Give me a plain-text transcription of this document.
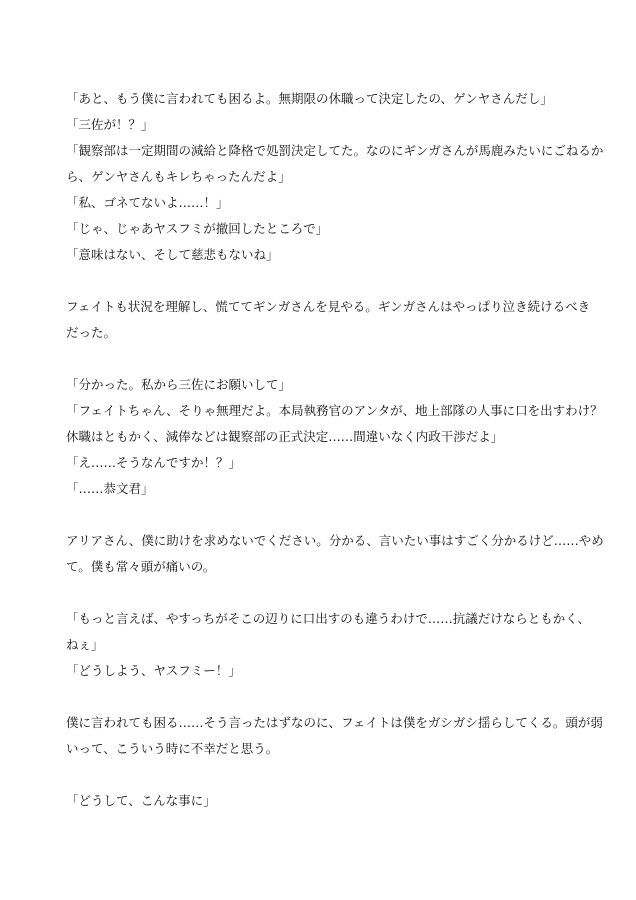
「あと、もう僕に言われても困るよ。無期限の休職って決定したの、ゲンヤさんだし」
「三佐が！？」
「観察部は一定期間の減給と降格で処罰決定してた。なのにギンガさんが馬鹿みたいにごねるか
ら、ゲンヤさんもキレちゃったんだよ」
「私、ゴネてないよ……！」
「じゃ、じゃあヤスフミが撤回したところで」
「意味はない、そして慈悲もないね」
フェイトも状況を理解し、慌ててギンガさんを見やる。ギンガさんはやっぱり泣き続けるべき
だった。
「分かった。私から三佐にお願いして」
「フェイトちゃん、そりゃ無理だよ。本局執務官のアンタが、地上部隊の人事に口を出すわけ？
休職はともかく、減俸などは観察部の正式決定……間違いなく内政干渉だよ」
「え……そうなんですか！？」
「……恭文君」
アリアさん、僕に助けを求めないでください。分かる、言いたい事はすごく分かるけど……やめ
て。僕も常々頭が痛いの。
「もっと言えば、やすっちがそこの辺りに口出すのも違うわけで……抗議だけならともかく、
ねぇ」
「どうしよう、ヤスフミー！」
僕に言われても困る……そう言ったはずなのに、フェイトは僕をガシガシ揺らしてくる。頭が弱
いって、こういう時に不幸だと思う。
「どうして、こんな事に」
